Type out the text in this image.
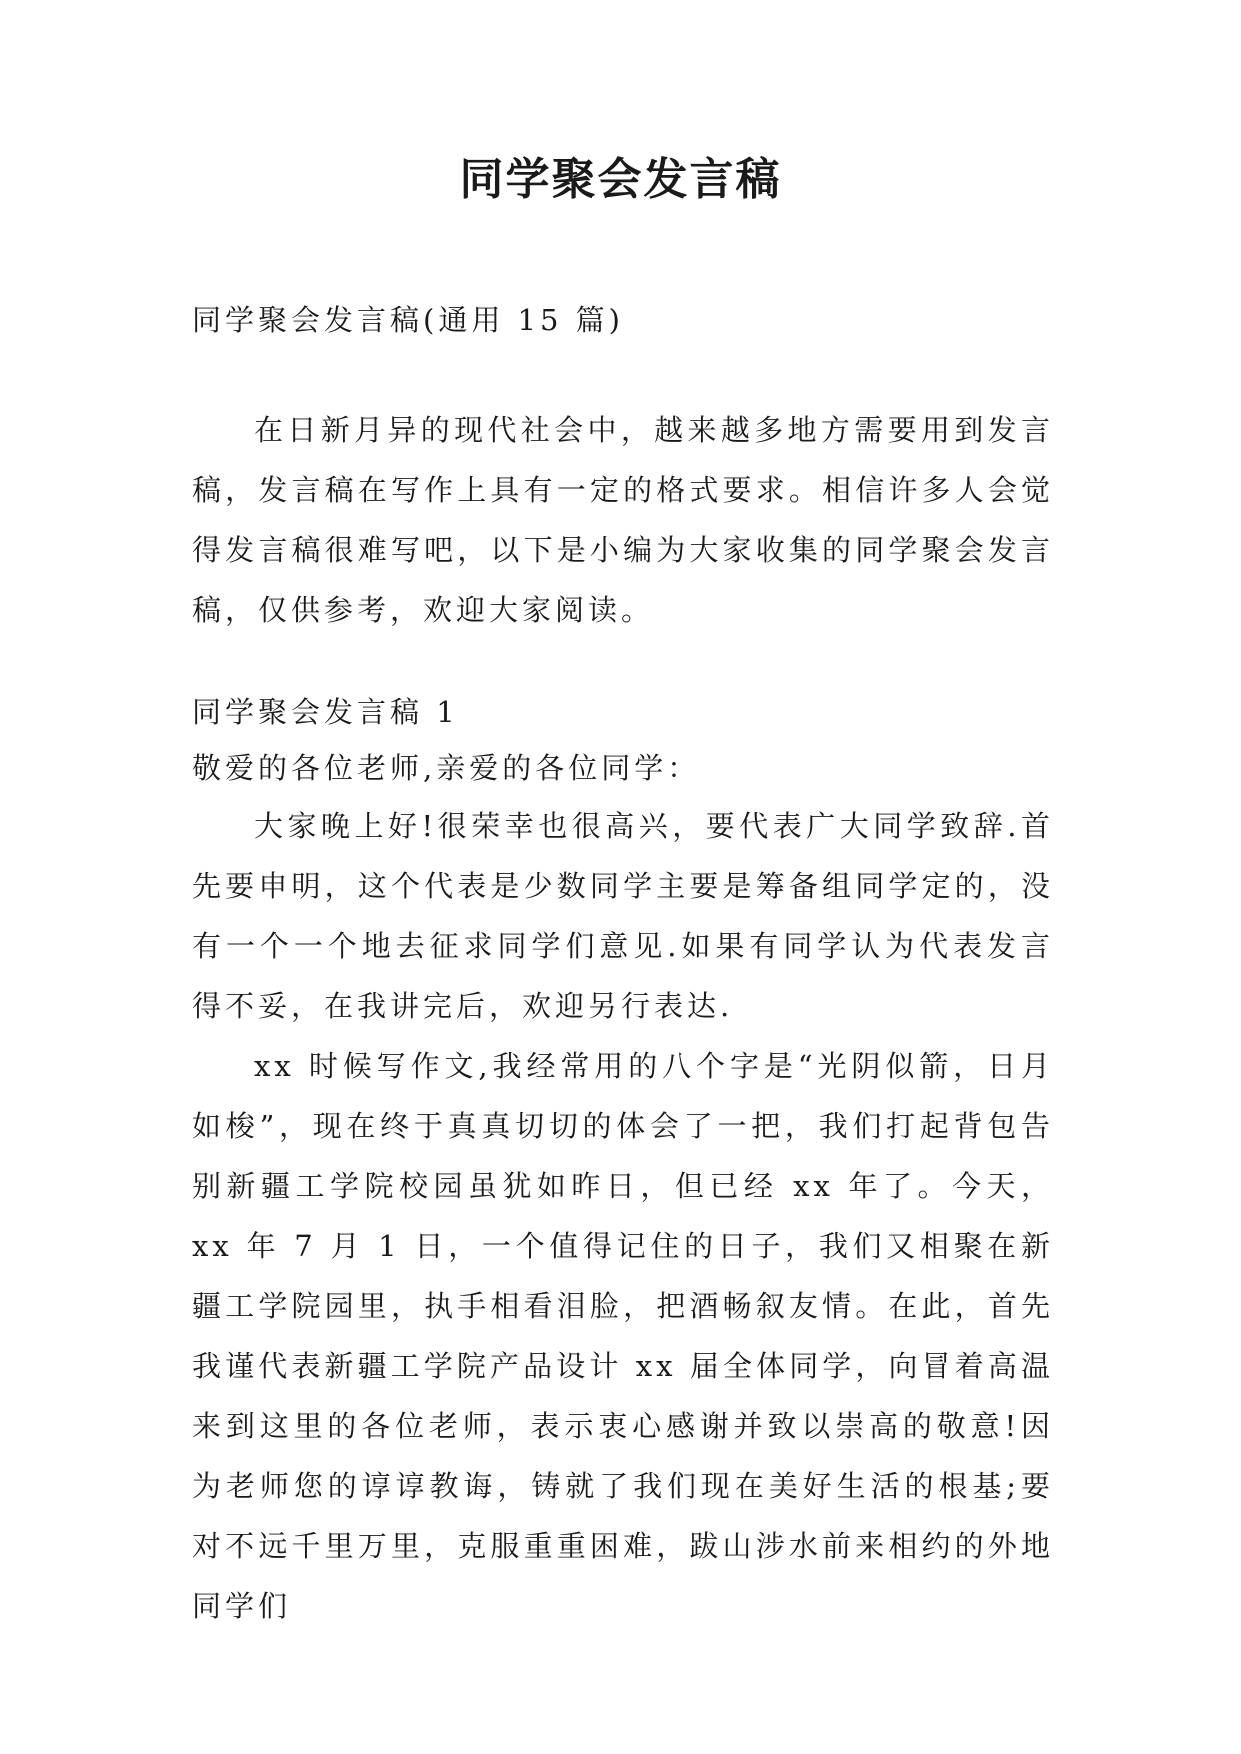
同学聚会发言稿
同学聚会发言稿(通用 15 篇)

在日新月异的现代社会中，越来越多地方需要用到发言稿，发言稿在写作上具有一定的格式要求。相信许多人会觉得发言稿很难写吧，以下是小编为大家收集的同学聚会发言稿，仅供参考，欢迎大家阅读。

同学聚会发言稿 1

敬爱的各位老师,亲爱的各位同学：

大家晚上好!很荣幸也很高兴，要代表广大同学致辞.首先要申明，这个代表是少数同学主要是筹备组同学定的，没有一个一个地去征求同学们意见.如果有同学认为代表发言得不妥，在我讲完后，欢迎另行表达.

xx 时候写作文,我经常用的八个字是“光阴似箭，日月如梭”，现在终于真真切切的体会了一把，我们打起背包告别新疆工学院校园虽犹如昨日，但已经 xx 年了。今天，xx 年 7 月 1 日，一个值得记住的日子，我们又相聚在新疆工学院园里，执手相看泪脸，把酒畅叙友情。在此，首先我谨代表新疆工学院产品设计 xx 届全体同学，向冒着高温来到这里的各位老师，表示衷心感谢并致以崇高的敬意!因为老师您的谆谆教诲，铸就了我们现在美好生活的根基;要对不远千里万里，克服重重困难，跋山涉水前来相约的外地同学们
